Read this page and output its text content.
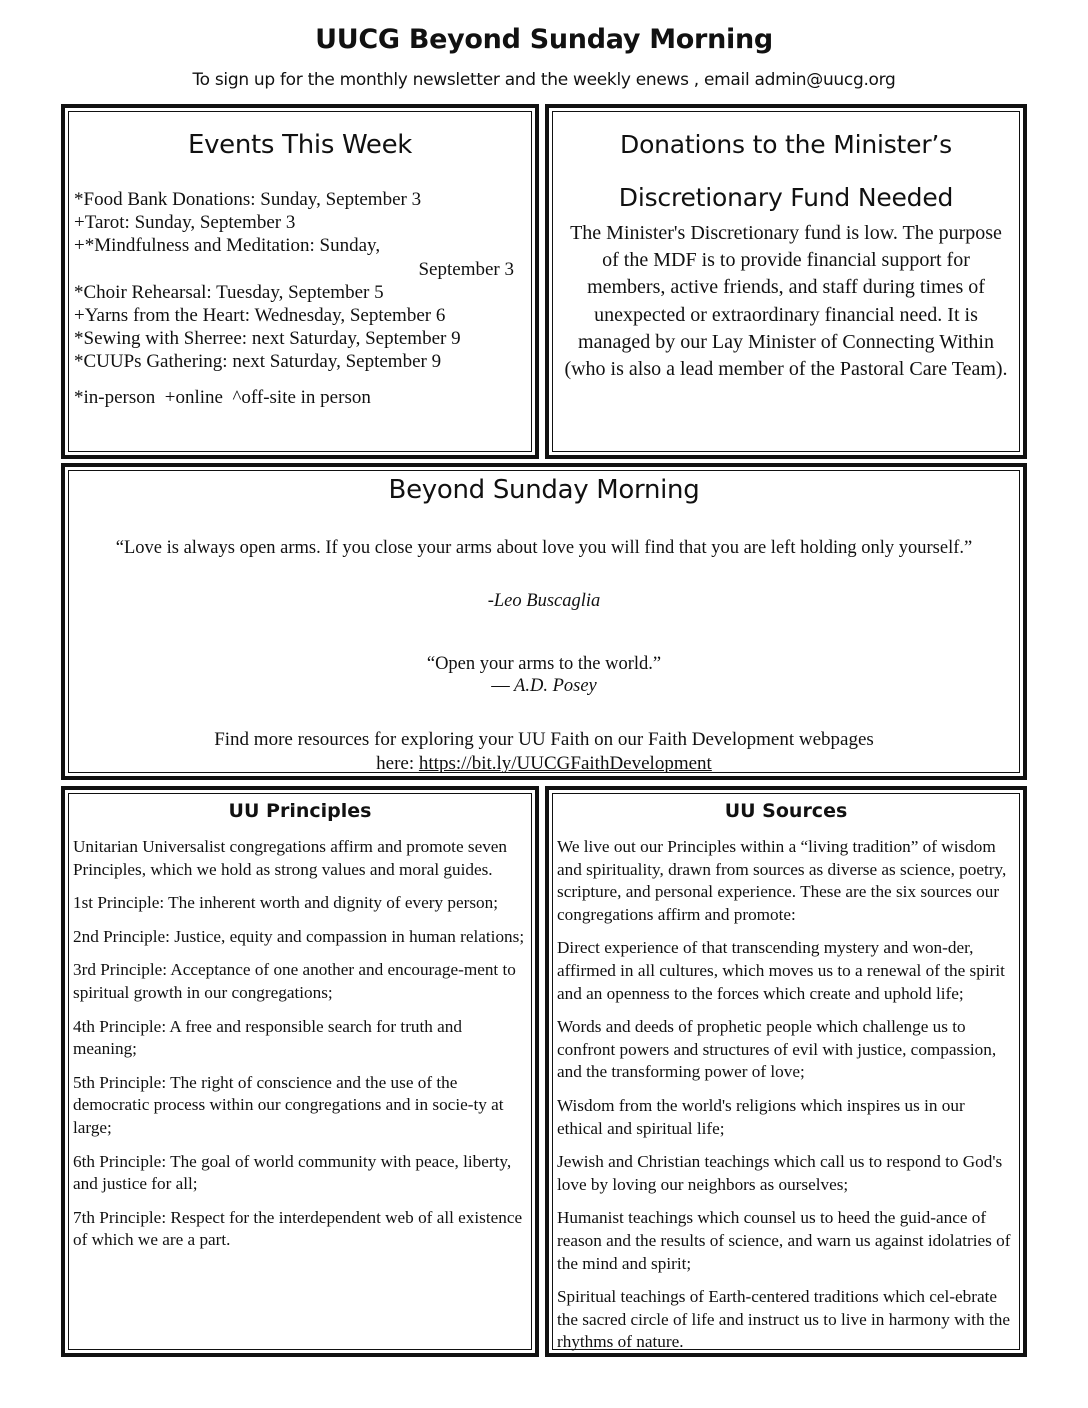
UUCG Beyond Sunday Morning
To sign up for the monthly newsletter and the weekly enews , email admin@uucg.org
Events This Week
*Food Bank Donations: Sunday, September 3
+Tarot: Sunday, September 3
+*Mindfulness and Meditation: Sunday,
September 3
*Choir Rehearsal: Tuesday, September 5
+Yarns from the Heart: Wednesday, September 6
*Sewing with Sherree: next Saturday, September 9
*CUUPs Gathering: next Saturday, September 9
*in-person  +online  ^off-site in person
Donations to the Minister’s
Discretionary Fund Needed
The Minister's Discretionary fund is low. The purpose of the MDF is to provide financial support for members, active friends, and staff during times of unexpected or extraordinary financial need. It is managed by our Lay Minister of Connecting Within (who is also a lead member of the Pastoral Care Team).
Beyond Sunday Morning
“Love is always open arms. If you close your arms about love you will find that you are left holding only yourself.”
-Leo Buscaglia
“Open your arms to the world.”
― A.D. Posey
Find more resources for exploring your UU Faith on our Faith Development webpages here: https://bit.ly/UUCGFaithDevelopment
UU Principles

Unitarian Universalist congregations affirm and promote seven Principles, which we hold as strong values and moral guides.

1st Principle: The inherent worth and dignity of every person;

2nd Principle: Justice, equity and compassion in human relations;

3rd Principle: Acceptance of one another and encourage-ment to spiritual growth in our congregations;

4th Principle: A free and responsible search for truth and meaning;

5th Principle: The right of conscience and the use of the democratic process within our congregations and in socie-ty at large;

6th Principle: The goal of world community with peace, liberty, and justice for all;

7th Principle: Respect for the interdependent web of all existence of which we are a part.

UU Sources

We live out our Principles within a “living tradition” of wisdom and spirituality, drawn from sources as diverse as science, poetry, scripture, and personal experience. These are the six sources our congregations affirm and promote:

Direct experience of that transcending mystery and won-der, affirmed in all cultures, which moves us to a renewal of the spirit and an openness to the forces which create and uphold life;

Words and deeds of prophetic people which challenge us to confront powers and structures of evil with justice, compassion, and the transforming power of love;

Wisdom from the world's religions which inspires us in our ethical and spiritual life;

Jewish and Christian teachings which call us to respond to God's love by loving our neighbors as ourselves;

Humanist teachings which counsel us to heed the guid-ance of reason and the results of science, and warn us against idolatries of the mind and spirit;

Spiritual teachings of Earth-centered traditions which cel-ebrate the sacred circle of life and instruct us to live in harmony with the rhythms of nature.
